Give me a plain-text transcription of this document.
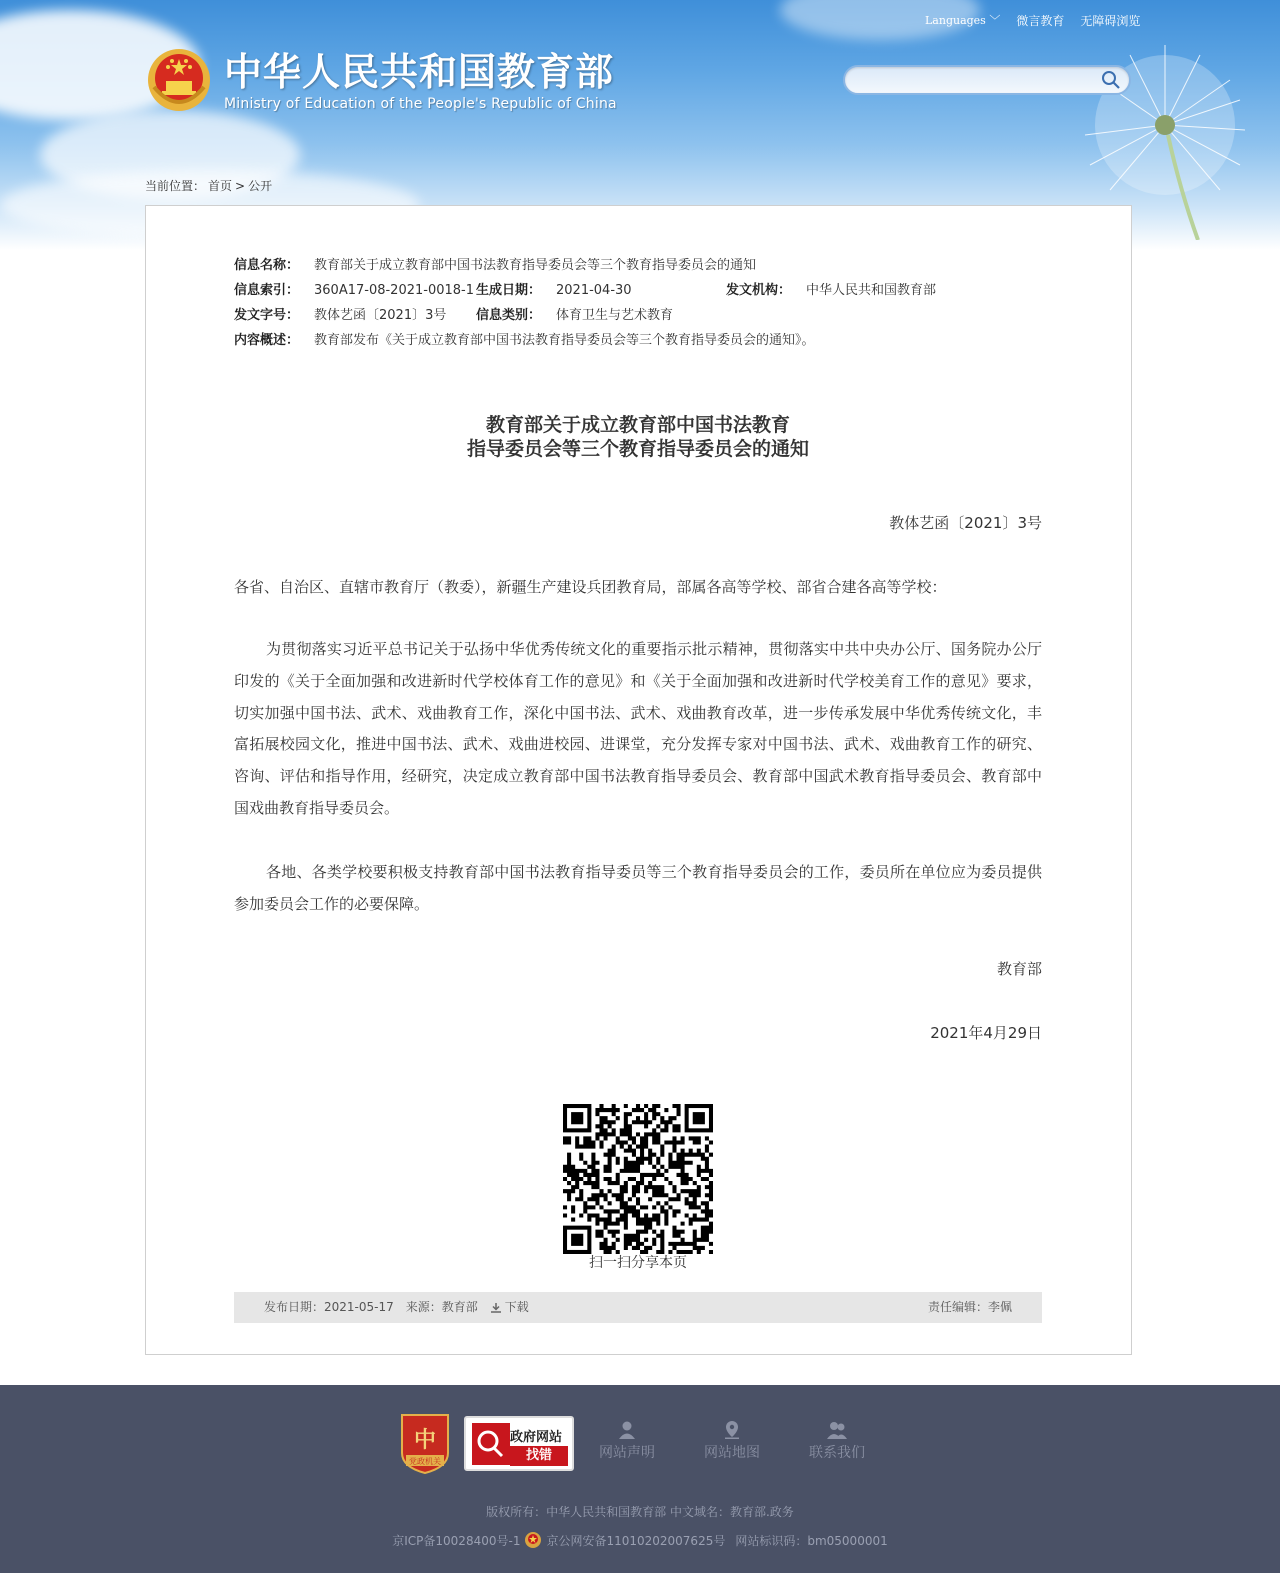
Languages ﹀ 微言教育 无障碍浏览
中华人民共和国教育部
Ministry of Education of the People's Republic of China
当前位置： 首页 > 公开
信息名称：	教育部关于成立教育部中国书法教育指导委员会等三个教育指导委员会的通知
信息索引：	360A17-08-2021-0018-1 生成日期：	2021-04-30	发文机构：	中华人民共和国教育部
发文字号：	教体艺函〔2021〕3号	信息类别：	体育卫生与艺术教育
内容概述：	教育部发布《关于成立教育部中国书法教育指导委员会等三个教育指导委员会的通知》。
教育部关于成立教育部中国书法教育
指导委员会等三个教育指导委员会的通知
教体艺函〔2021〕3号
各省、自治区、直辖市教育厅（教委），新疆生产建设兵团教育局，部属各高等学校、部省合建各高等学校：
为贯彻落实习近平总书记关于弘扬中华优秀传统文化的重要指示批示精神，贯彻落实中共中央办公厅、国务院办公厅印发的《关于全面加强和改进新时代学校体育工作的意见》和《关于全面加强和改进新时代学校美育工作的意见》要求，切实加强中国书法、武术、戏曲教育工作，深化中国书法、武术、戏曲教育改革，进一步传承发展中华优秀传统文化，丰富拓展校园文化，推进中国书法、武术、戏曲进校园、进课堂，充分发挥专家对中国书法、武术、戏曲教育工作的研究、咨询、评估和指导作用，经研究，决定成立教育部中国书法教育指导委员会、教育部中国武术教育指导委员会、教育部中国戏曲教育指导委员会。
各地、各类学校要积极支持教育部中国书法教育指导委员等三个教育指导委员会的工作，委员所在单位应为委员提供参加委员会工作的必要保障。
教育部
2021年4月29日
扫一扫分享本页
发布日期：2021-05-17 来源：教育部 下载	责任编辑：李佩
中
党政机关
政府网站
找错	网站声明	网站地图	联系我们
版权所有：中华人民共和国教育部 中文域名：教育部.政务
京ICP备10028400号-1 京公网安备11010202007625号 网站标识码：bm05000001
